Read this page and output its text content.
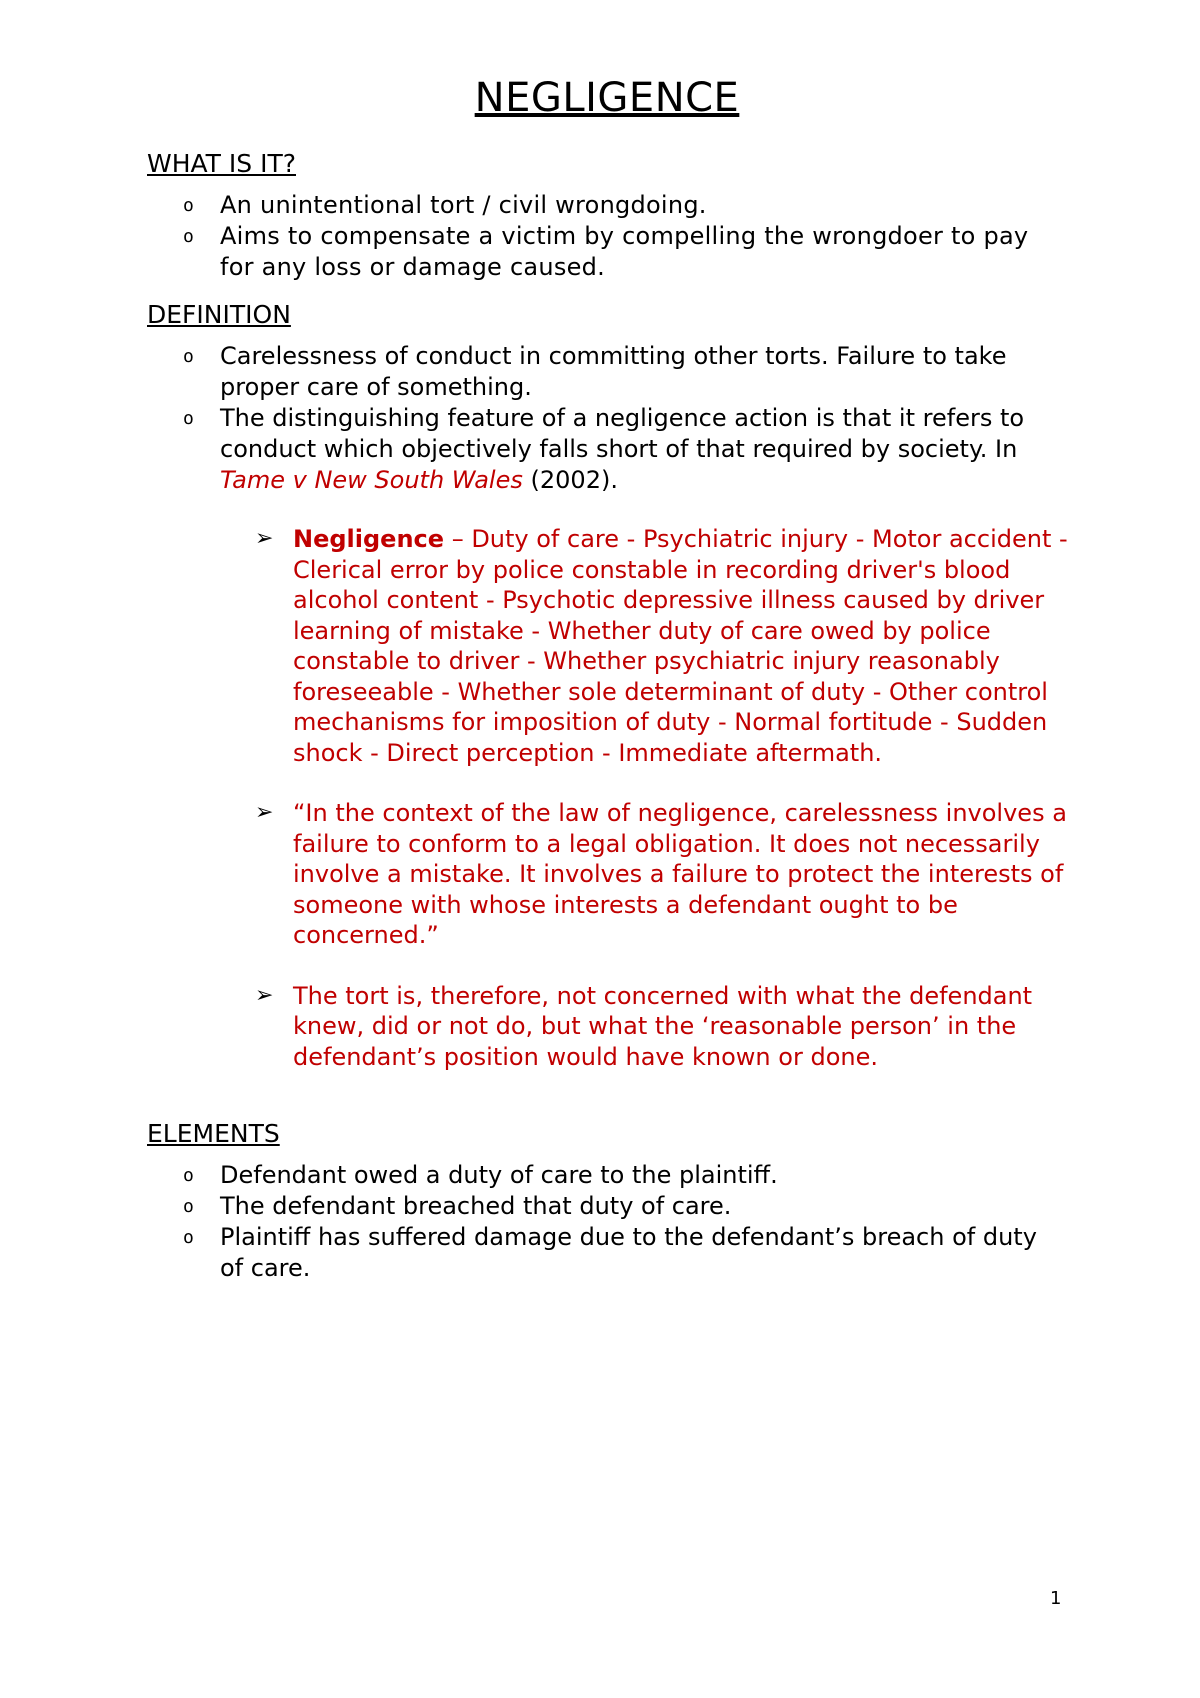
NEGLIGENCE
WHAT IS IT?
o An unintentional tort / civil wrongdoing.
o Aims to compensate a victim by compelling the wrongdoer to pay for any loss or damage caused.
DEFINITION
o Carelessness of conduct in committing other torts. Failure to take proper care of something.
o The distinguishing feature of a negligence action is that it refers to conduct which objectively falls short of that required by society. In Tame v New South Wales (2002).
➢ Negligence – Duty of care - Psychiatric injury - Motor accident - Clerical error by police constable in recording driver's blood alcohol content - Psychotic depressive illness caused by driver learning of mistake - Whether duty of care owed by police constable to driver - Whether psychiatric injury reasonably foreseeable - Whether sole determinant of duty - Other control mechanisms for imposition of duty - Normal fortitude - Sudden shock - Direct perception - Immediate aftermath.
➢ “In the context of the law of negligence, carelessness involves a failure to conform to a legal obligation. It does not necessarily involve a mistake. It involves a failure to protect the interests of someone with whose interests a defendant ought to be concerned.”
➢ The tort is, therefore, not concerned with what the defendant knew, did or not do, but what the ‘reasonable person’ in the defendant’s position would have known or done.
ELEMENTS
o Defendant owed a duty of care to the plaintiff.
o The defendant breached that duty of care.
o Plaintiff has suffered damage due to the defendant’s breach of duty of care.
1
